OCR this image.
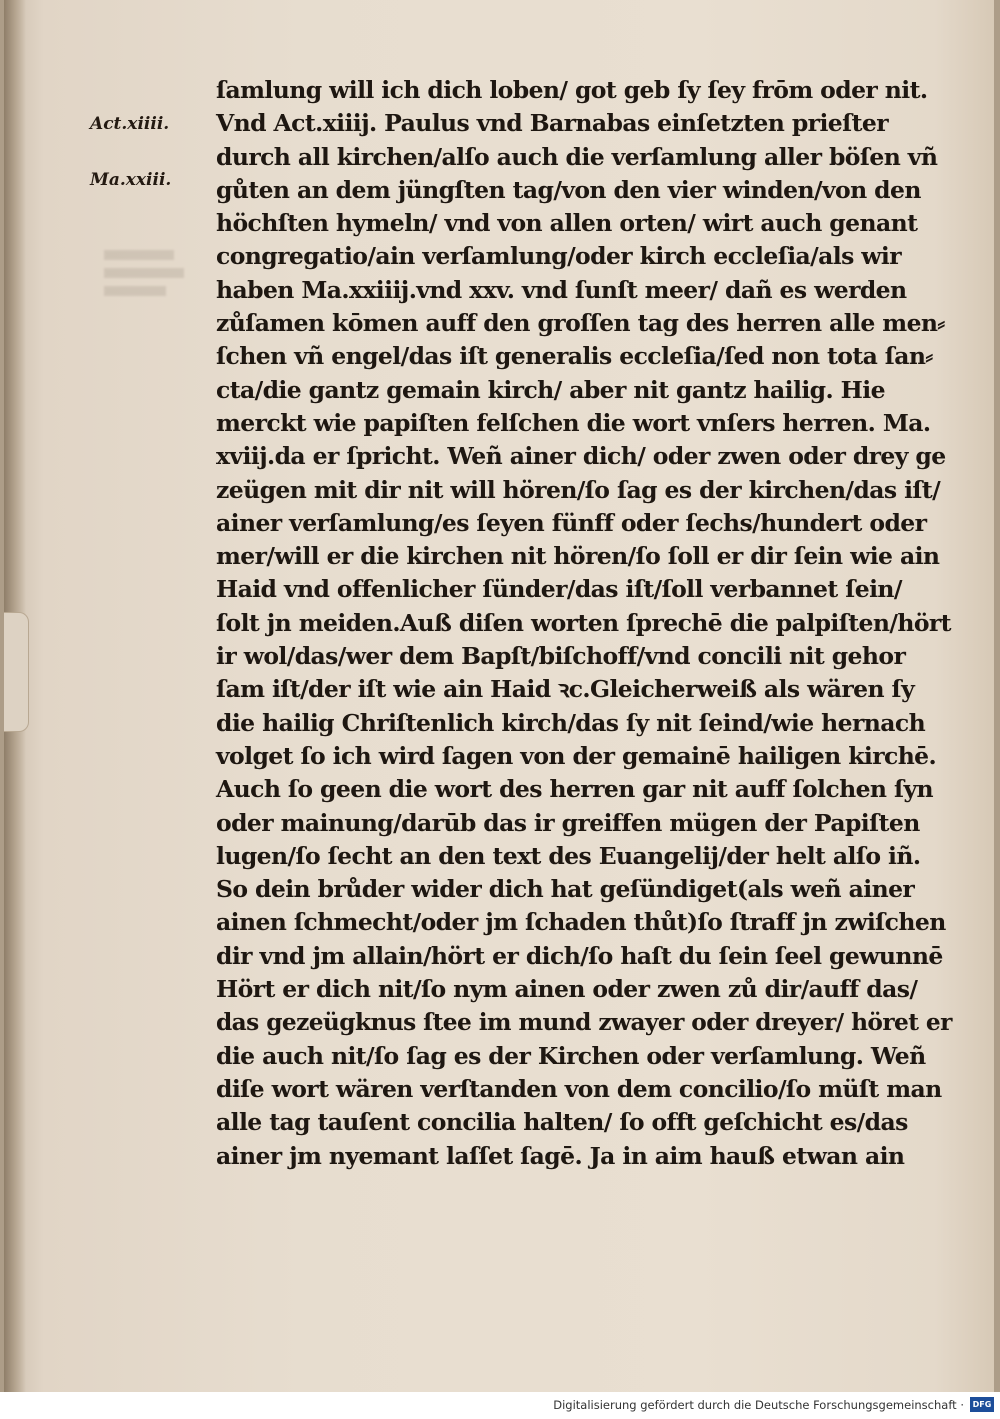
Act.xiiii.
Ma.xxiii.
ſamlung will ich dich loben/ got geb ſy ſey frōm oder nit.
Vnd Act.xiiij. Paulus vnd Barnabas einſetzten prieſter
durch all kirchen/alſo auch die verſamlung aller böſen vñ
gůten an dem jüngſten tag/von den vier winden/von den
höchſten hymeln/ vnd von allen orten/ wirt auch genant
congregatio/ain verſamlung/oder kirch eccleſia/als wir
haben Ma.xxiiij.vnd xxv. vnd ſunſt meer/ dañ es werden
zůſamen kōmen auff den groſſen tag des herren alle men⸗
ſchen vñ engel/das iſt generalis eccleſia/ſed non tota ſan⸗
cta/die gantz gemain kirch/ aber nit gantz hailig. Hie
merckt wie papiſten felſchen die wort vnſers herren. Ma.
xviij.da er ſpricht. Weñ ainer dich/ oder zwen oder drey ge
zeügen mit dir nit will hören/ſo ſag es der kirchen/das iſt/
ainer verſamlung/es ſeyen fünff oder ſechs/hundert oder
mer/will er die kirchen nit hören/ſo ſoll er dir ſein wie ain
Haid vnd offenlicher ſünder/das iſt/ſoll verbannet ſein/
ſolt jn meiden.Auß diſen worten ſprechē die palpiſten/hört
ir wol/das/wer dem Bapſt/biſchoff/vnd concili nit gehor
ſam iſt/der iſt wie ain Haid ꝛc.Gleicherweiß als wären ſy
die hailig Chriſtenlich kirch/das ſy nit ſeind/wie hernach
volget ſo ich wird ſagen von der gemainē hailigen kirchē.
Auch ſo geen die wort des herren gar nit auff ſolchen ſyn
oder mainung/darūb das ir greiffen mügen der Papiſten
lugen/ſo ſecht an den text des Euangelij/der helt alſo iñ.
So dein brůder wider dich hat geſündiget(als weñ ainer
ainen ſchmecht/oder jm ſchaden thůt)ſo ſtraff jn zwiſchen
dir vnd jm allain/hört er dich/ſo haſt du ſein ſeel gewunnē
Hört er dich nit/ſo nym ainen oder zwen zů dir/auff das/
das gezeügknus ſtee im mund zwayer oder dreyer/ höret er
die auch nit/ſo ſag es der Kirchen oder verſamlung. Weñ
diſe wort wären verſtanden von dem concilio/ſo müſt man
alle tag tauſent concilia halten/ ſo offt geſchicht es/das
ainer jm nyemant laſſet ſagē. Ja in aim hauß etwan ain
Digitalisierung gefördert durch die Deutsche Forschungsgemeinschaft ·	DFG
